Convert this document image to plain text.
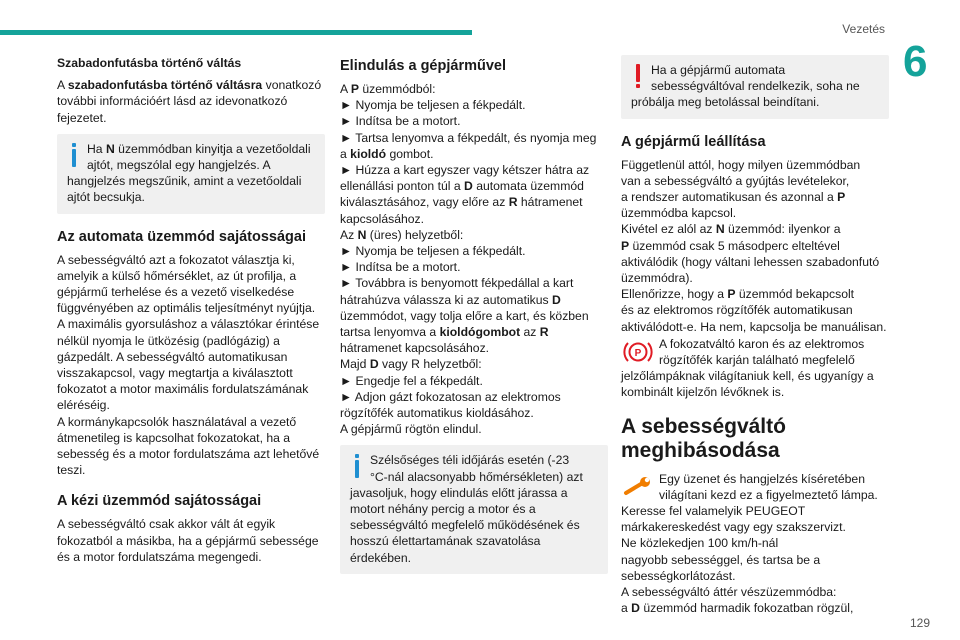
Vezetés
6
129
Szabadonfutásba történő váltás

A szabadonfutásba történő váltásra vonatkozó
további információért lásd az idevonatkozó
fejezetet.

Ha N üzemmódban kinyitja a vezetőoldali
ajtót, megszólal egy hangjelzés. A
hangjelzés megszűnik, amint a vezetőoldali
ajtót becsukja.

Az automata üzemmód sajátosságai

A sebességváltó azt a fokozatot választja ki,
amelyik a külső hőmérséklet, az út profilja, a
gépjármű terhelése és a vezető viselkedése
függvényében az optimális teljesítményt nyújtja.
A maximális gyorsuláshoz a választókar érintése
nélkül nyomja le ütközésig (padlógázig) a
gázpedált. A sebességváltó automatikusan
visszakapcsol, vagy megtartja a kiválasztott
fokozatot a motor maximális fordulatszámának
eléréséig.
A kormánykapcsolók használatával a vezető
átmenetileg is kapcsolhat fokozatokat, ha a
sebesség és a motor fordulatszáma azt lehetővé
teszi.

A kézi üzemmód sajátosságai

A sebességváltó csak akkor vált át egyik
fokozatból a másikba, ha a gépjármű sebessége
és a motor fordulatszáma megengedi.

Elindulás a gépjárművel

A P üzemmódból:
► Nyomja be teljesen a fékpedált.
► Indítsa be a motort.
► Tartsa lenyomva a fékpedált, és nyomja meg
a kioldó gombot.
► Húzza a kart egyszer vagy kétszer hátra az
ellenállási ponton túl a D automata üzemmód
kiválasztásához, vagy előre az R hátramenet
kapcsolásához.
Az N (üres) helyzetből:
► Nyomja be teljesen a fékpedált.
► Indítsa be a motort.
► Továbbra is benyomott fékpedállal a kart
hátrahúzva válassza ki az automatikus D
üzemmódot, vagy tolja előre a kart, és közben
tartsa lenyomva a kioldógombot az R
hátramenet kapcsolásához.
Majd D vagy R helyzetből:
► Engedje fel a fékpedált.
► Adjon gázt fokozatosan az elektromos
rögzítőfék automatikus kioldásához.
A gépjármű rögtön elindul.

Szélsőséges téli időjárás esetén (-23
°C-nál alacsonyabb hőmérsékleten) azt
javasoljuk, hogy elindulás előtt járassa a
motort néhány percig a motor és a
sebességváltó megfelelő működésének és
hosszú élettartamának szavatolása
érdekében.

Ha a gépjármű automata
sebességváltóval rendelkezik, soha ne
próbálja meg betolással beindítani.

A gépjármű leállítása

Függetlenül attól, hogy milyen üzemmódban
van a sebességváltó a gyújtás levételekor,
a rendszer automatikusan és azonnal a P
üzemmódba kapcsol.
Kivétel ez alól az N üzemmód: ilyenkor a
P üzemmód csak 5 másodperc elteltével
aktiválódik (hogy váltani lehessen szabadonfutó
üzemmódra).
Ellenőrizze, hogy a P üzemmód bekapcsolt
és az elektromos rögzítőfék automatikusan
aktiválódott-e. Ha nem, kapcsolja be manuálisan.

P

A fokozatváltó karon és az elektromos
rögzítőfék karján található megfelelő
jelzőlámpáknak világítaniuk kell, és ugyanígy a
kombinált kijelzőn lévőknek is.

A sebességváltó meghibásodása

Egy üzenet és hangjelzés kíséretében
világítani kezd ez a figyelmeztető lámpa.

Keresse fel valamelyik PEUGEOT
márkakereskedést vagy egy szakszervizt.
Ne közlekedjen 100 km/h-nál
nagyobb sebességgel, és tartsa be a
sebességkorlátozást.
A sebességváltó áttér vészüzemmódba:
a D üzemmód harmadik fokozatban rögzül,
